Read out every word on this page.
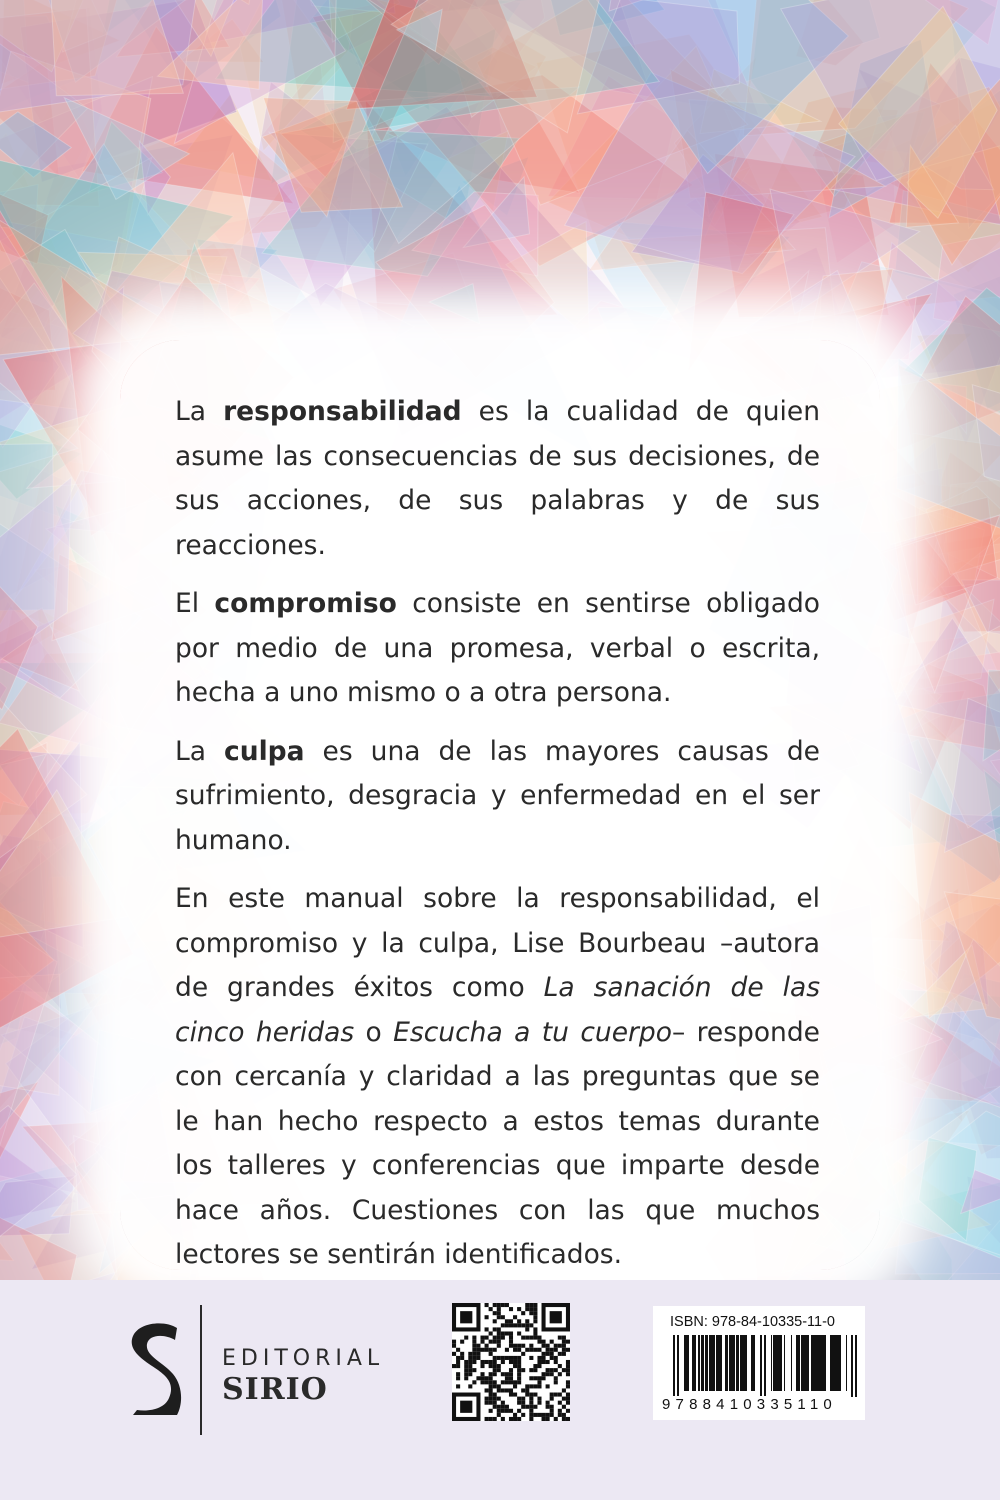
La responsabilidad es la cualidad de quien asume las consecuencias de sus decisiones, de sus acciones, de sus palabras y de sus reacciones.

El compromiso consiste en sentirse obligado por medio de una promesa, verbal o escrita, hecha a uno mismo o a otra persona.

La culpa es una de las mayores causas de sufrimiento, desgracia y enfermedad en el ser humano.

En este manual sobre la responsabilidad, el compromiso y la culpa, Lise Bourbeau –autora de grandes éxitos como La sanación de las cinco heridas o Escucha a tu cuerpo– responde con cercanía y claridad a las preguntas que se le han hecho respecto a estos temas durante los talleres y conferencias que imparte desde hace años. Cuestiones con las que muchos lectores se sentirán identificados.

EDITORIAL
SIRIO
ISBN: 978-84-10335-11-0
9788410335110
